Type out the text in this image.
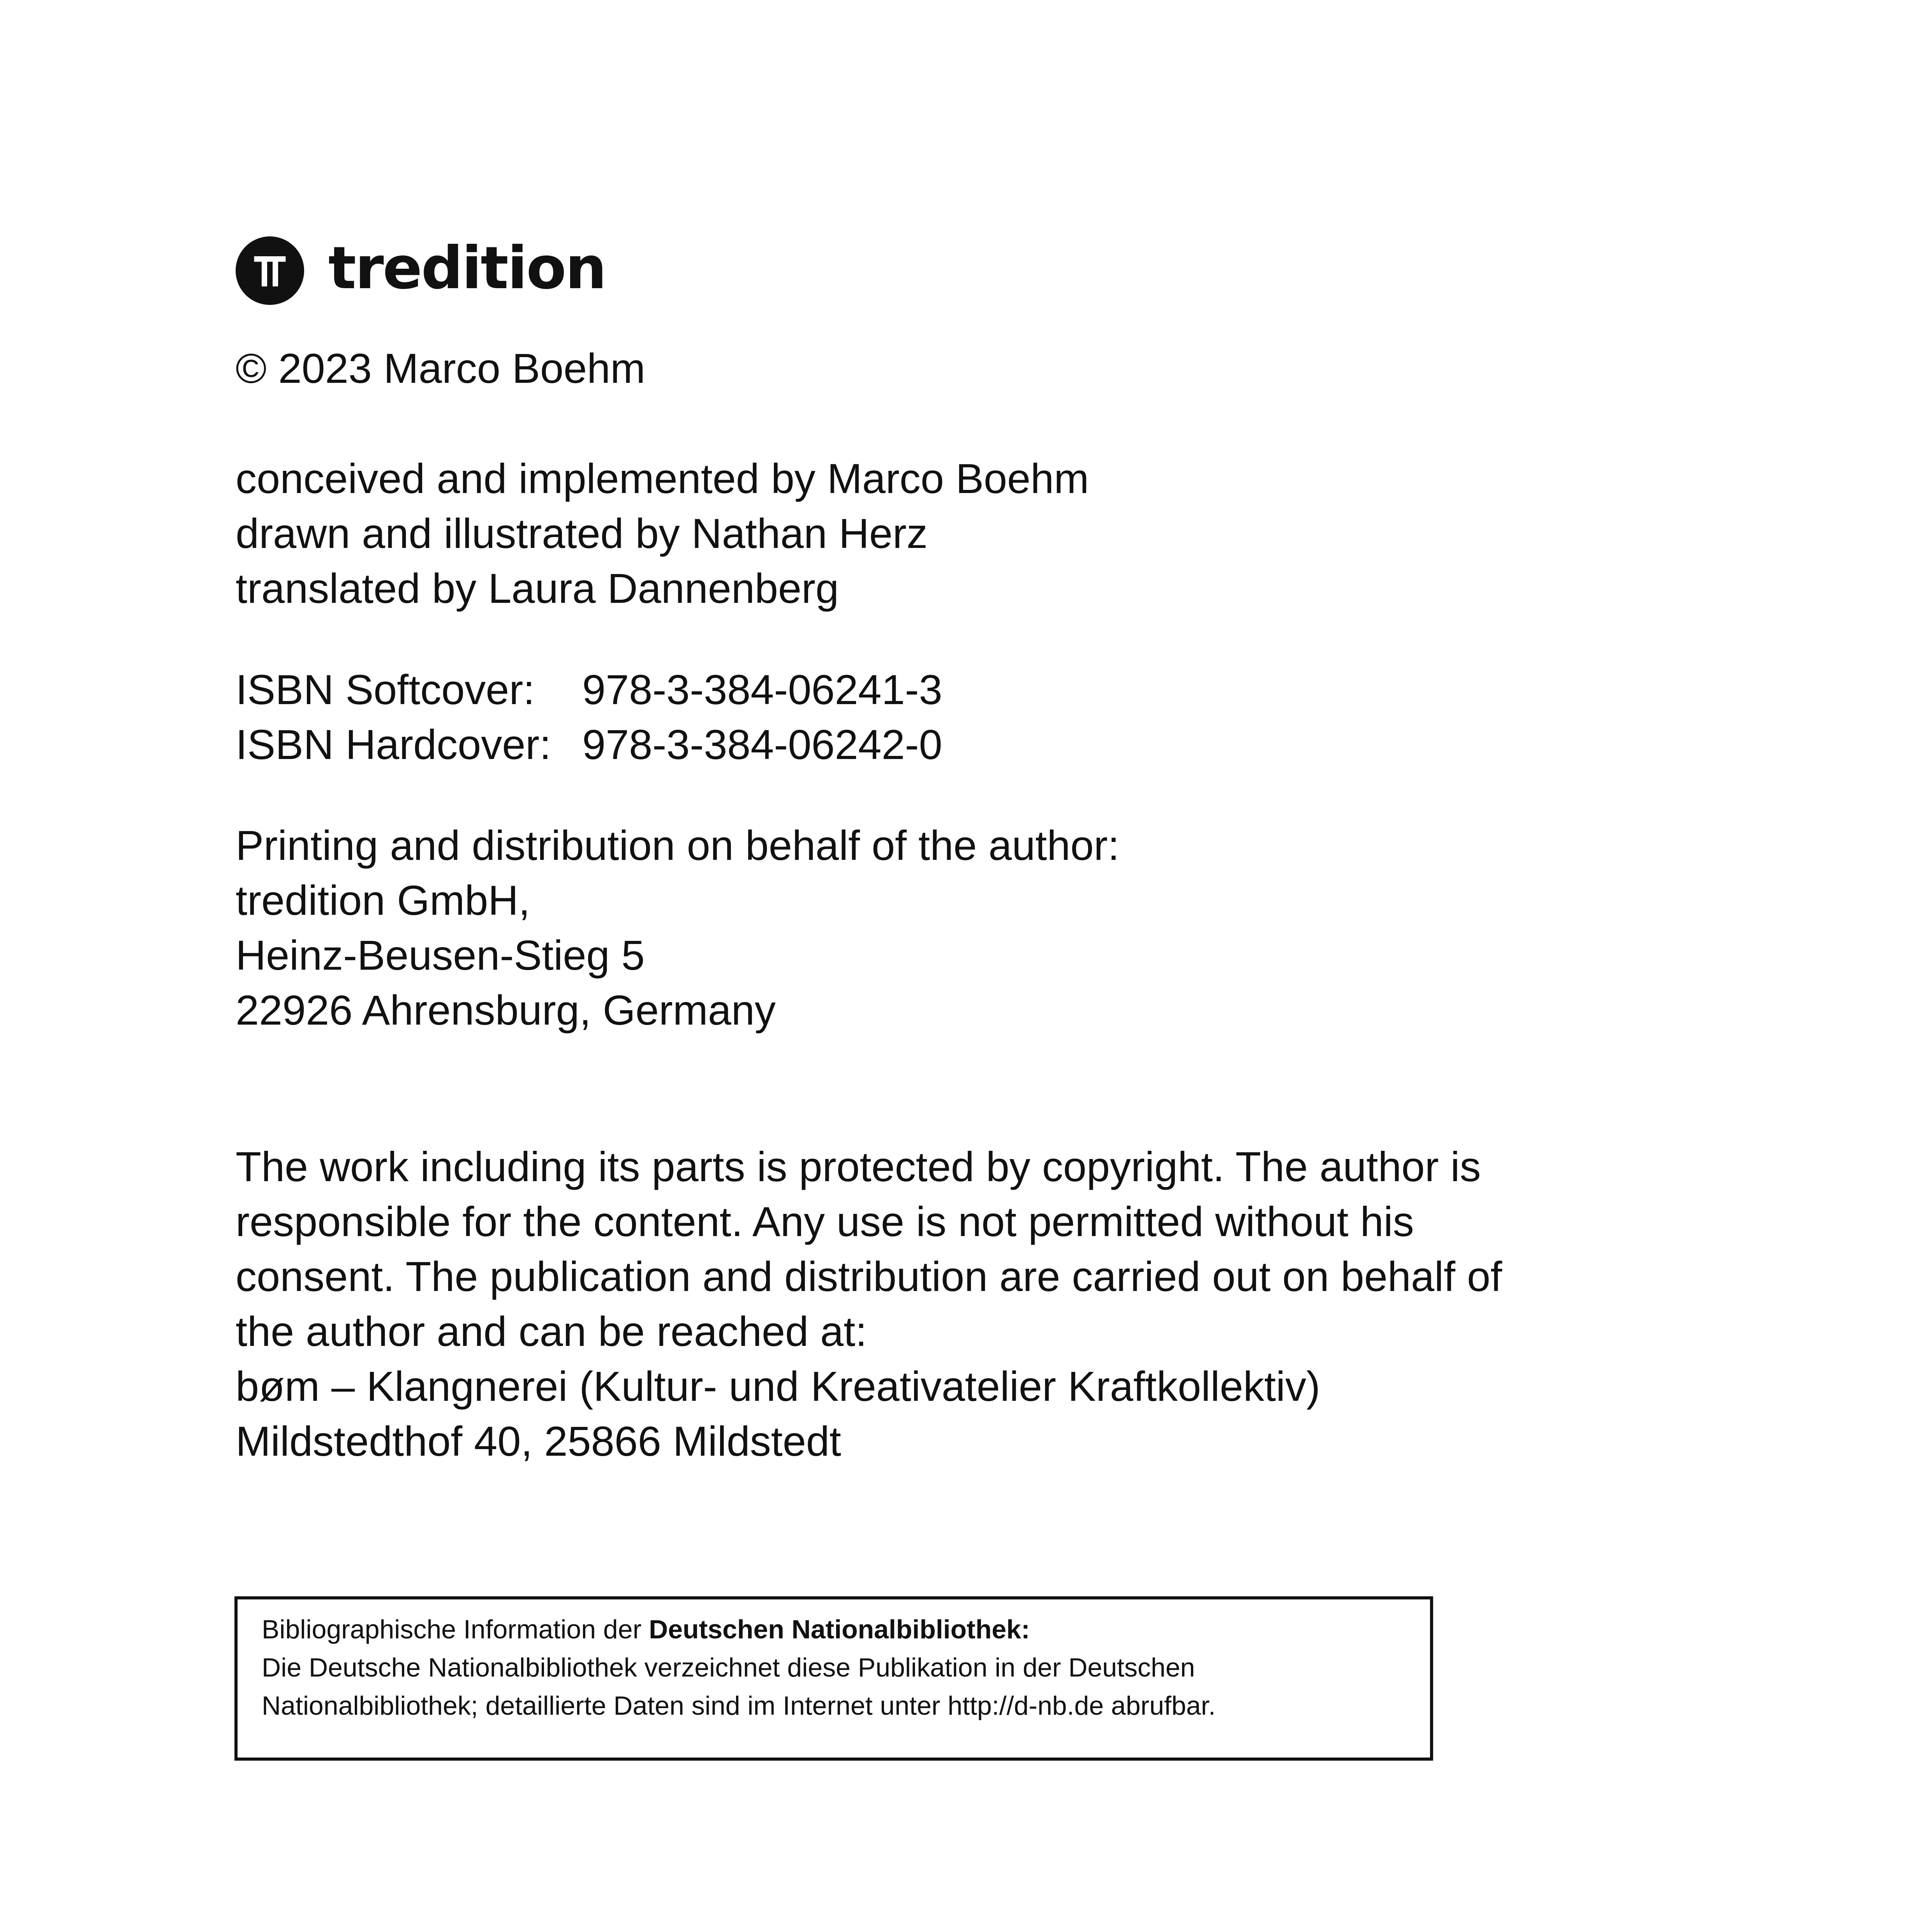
tredition
© 2023 Marco Boehm
conceived and implemented by Marco Boehm
drawn and illustrated by Nathan Herz
translated by Laura Dannenberg
ISBN Softcover:	978-3-384-06241-3
ISBN Hardcover: 978-3-384-06242-0
Printing and distribution on behalf of the author:
tredition GmbH,
Heinz-Beusen-Stieg 5
22926 Ahrensburg, Germany
The work including its parts is protected by copyright. The author is
responsible for the content. Any use is not permitted without his
consent. The publication and distribution are carried out on behalf of
the author and can be reached at:
bøm – Klangnerei (Kultur- und Kreativatelier Kraftkollektiv)
Mildstedthof 40, 25866 Mildstedt
Bibliographische Information der Deutschen Nationalbibliothek:
Die Deutsche Nationalbibliothek verzeichnet diese Publikation in der Deutschen
Nationalbibliothek; detaillierte Daten sind im Internet unter http://d-nb.de abrufbar.
